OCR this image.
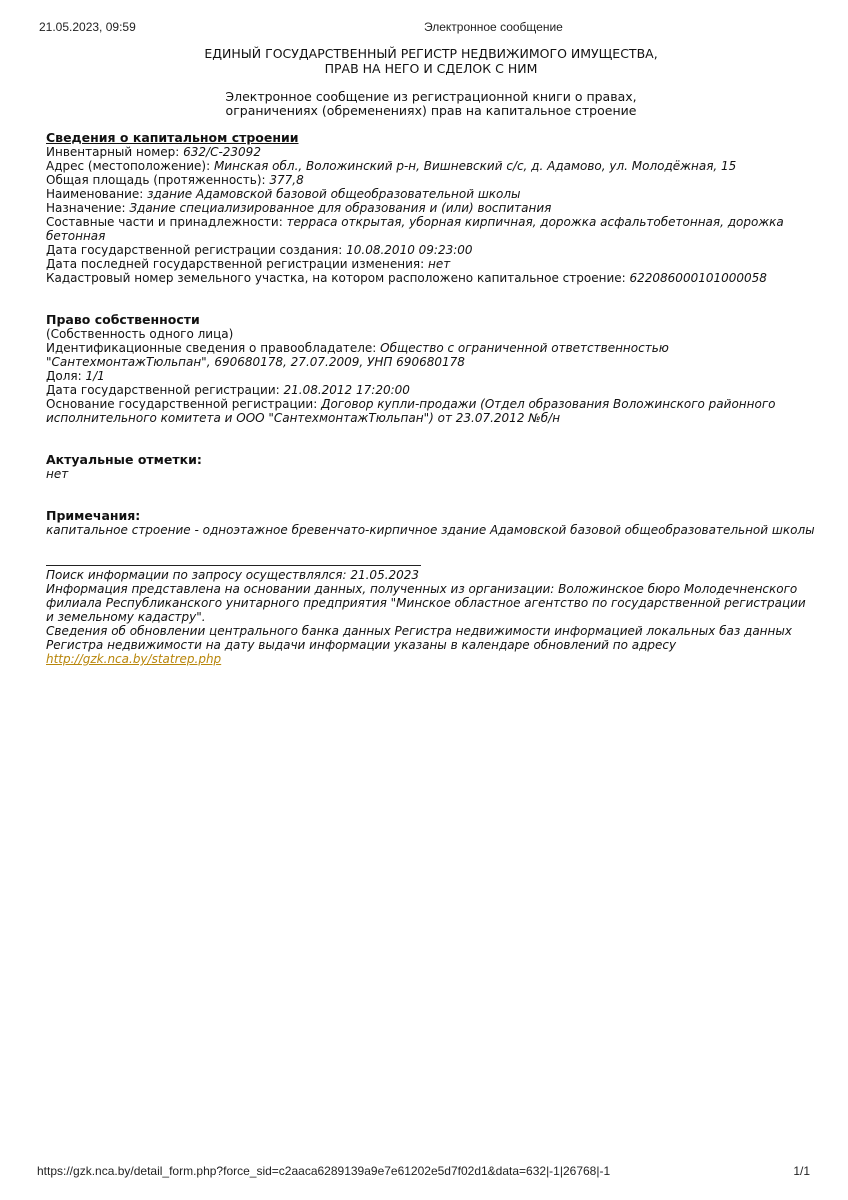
21.05.2023, 09:59	Электронное сообщение
ЕДИНЫЙ ГОСУДАРСТВЕННЫЙ РЕГИСТР НЕДВИЖИМОГО ИМУЩЕСТВА,
ПРАВ НА НЕГО И СДЕЛОК С НИМ
Электронное сообщение из регистрационной книги о правах,
ограничениях (обременениях) прав на капитальное строение
Сведения о капитальном строении
Инвентарный номер: 632/C-23092
Адрес (местоположение): Минская обл., Воложинский р-н, Вишневский с/с, д. Адамово, ул. Молодёжная, 15
Общая площадь (протяженность): 377,8
Наименование: здание Адамовской базовой общеобразовательной школы
Назначение: Здание специализированное для образования и (или) воспитания
Составные части и принадлежности: терраса открытая, уборная кирпичная, дорожка асфальтобетонная, дорожка бетонная
Дата государственной регистрации создания: 10.08.2010 09:23:00
Дата последней государственной регистрации изменения: нет
Кадастровый номер земельного участка, на котором расположено капитальное строение: 622086000101000058
Право собственности
(Собственность одного лица)
Идентификационные сведения о правообладателе: Общество с ограниченной ответственностью "СантехмонтажТюльпан", 690680178, 27.07.2009, УНП 690680178
Доля: 1/1
Дата государственной регистрации: 21.08.2012 17:20:00
Основание государственной регистрации: Договор купли-продажи (Отдел образования Воложинского районного исполнительного комитета и ООО "СантехмонтажТюльпан") от 23.07.2012 №б/н
Актуальные отметки:
нет
Примечания:
капитальное строение - одноэтажное бревенчато-кирпичное здание Адамовской базовой общеобразовательной школы
Поиск информации по запросу осуществлялся: 21.05.2023
Информация представлена на основании данных, полученных из организации: Воложинское бюро Молодечненского филиала Республиканского унитарного предприятия "Минское областное агентство по государственной регистрации и земельному кадастру".
Сведения об обновлении центрального банка данных Регистра недвижимости информацией локальных баз данных Регистра недвижимости на дату выдачи информации указаны в календаре обновлений по адресу
http://gzk.nca.by/statrep.php
https://gzk.nca.by/detail_form.php?force_sid=c2aaca6289139a9e7e61202e5d7f02d1&data=632|-1|26768|-1	1/1
